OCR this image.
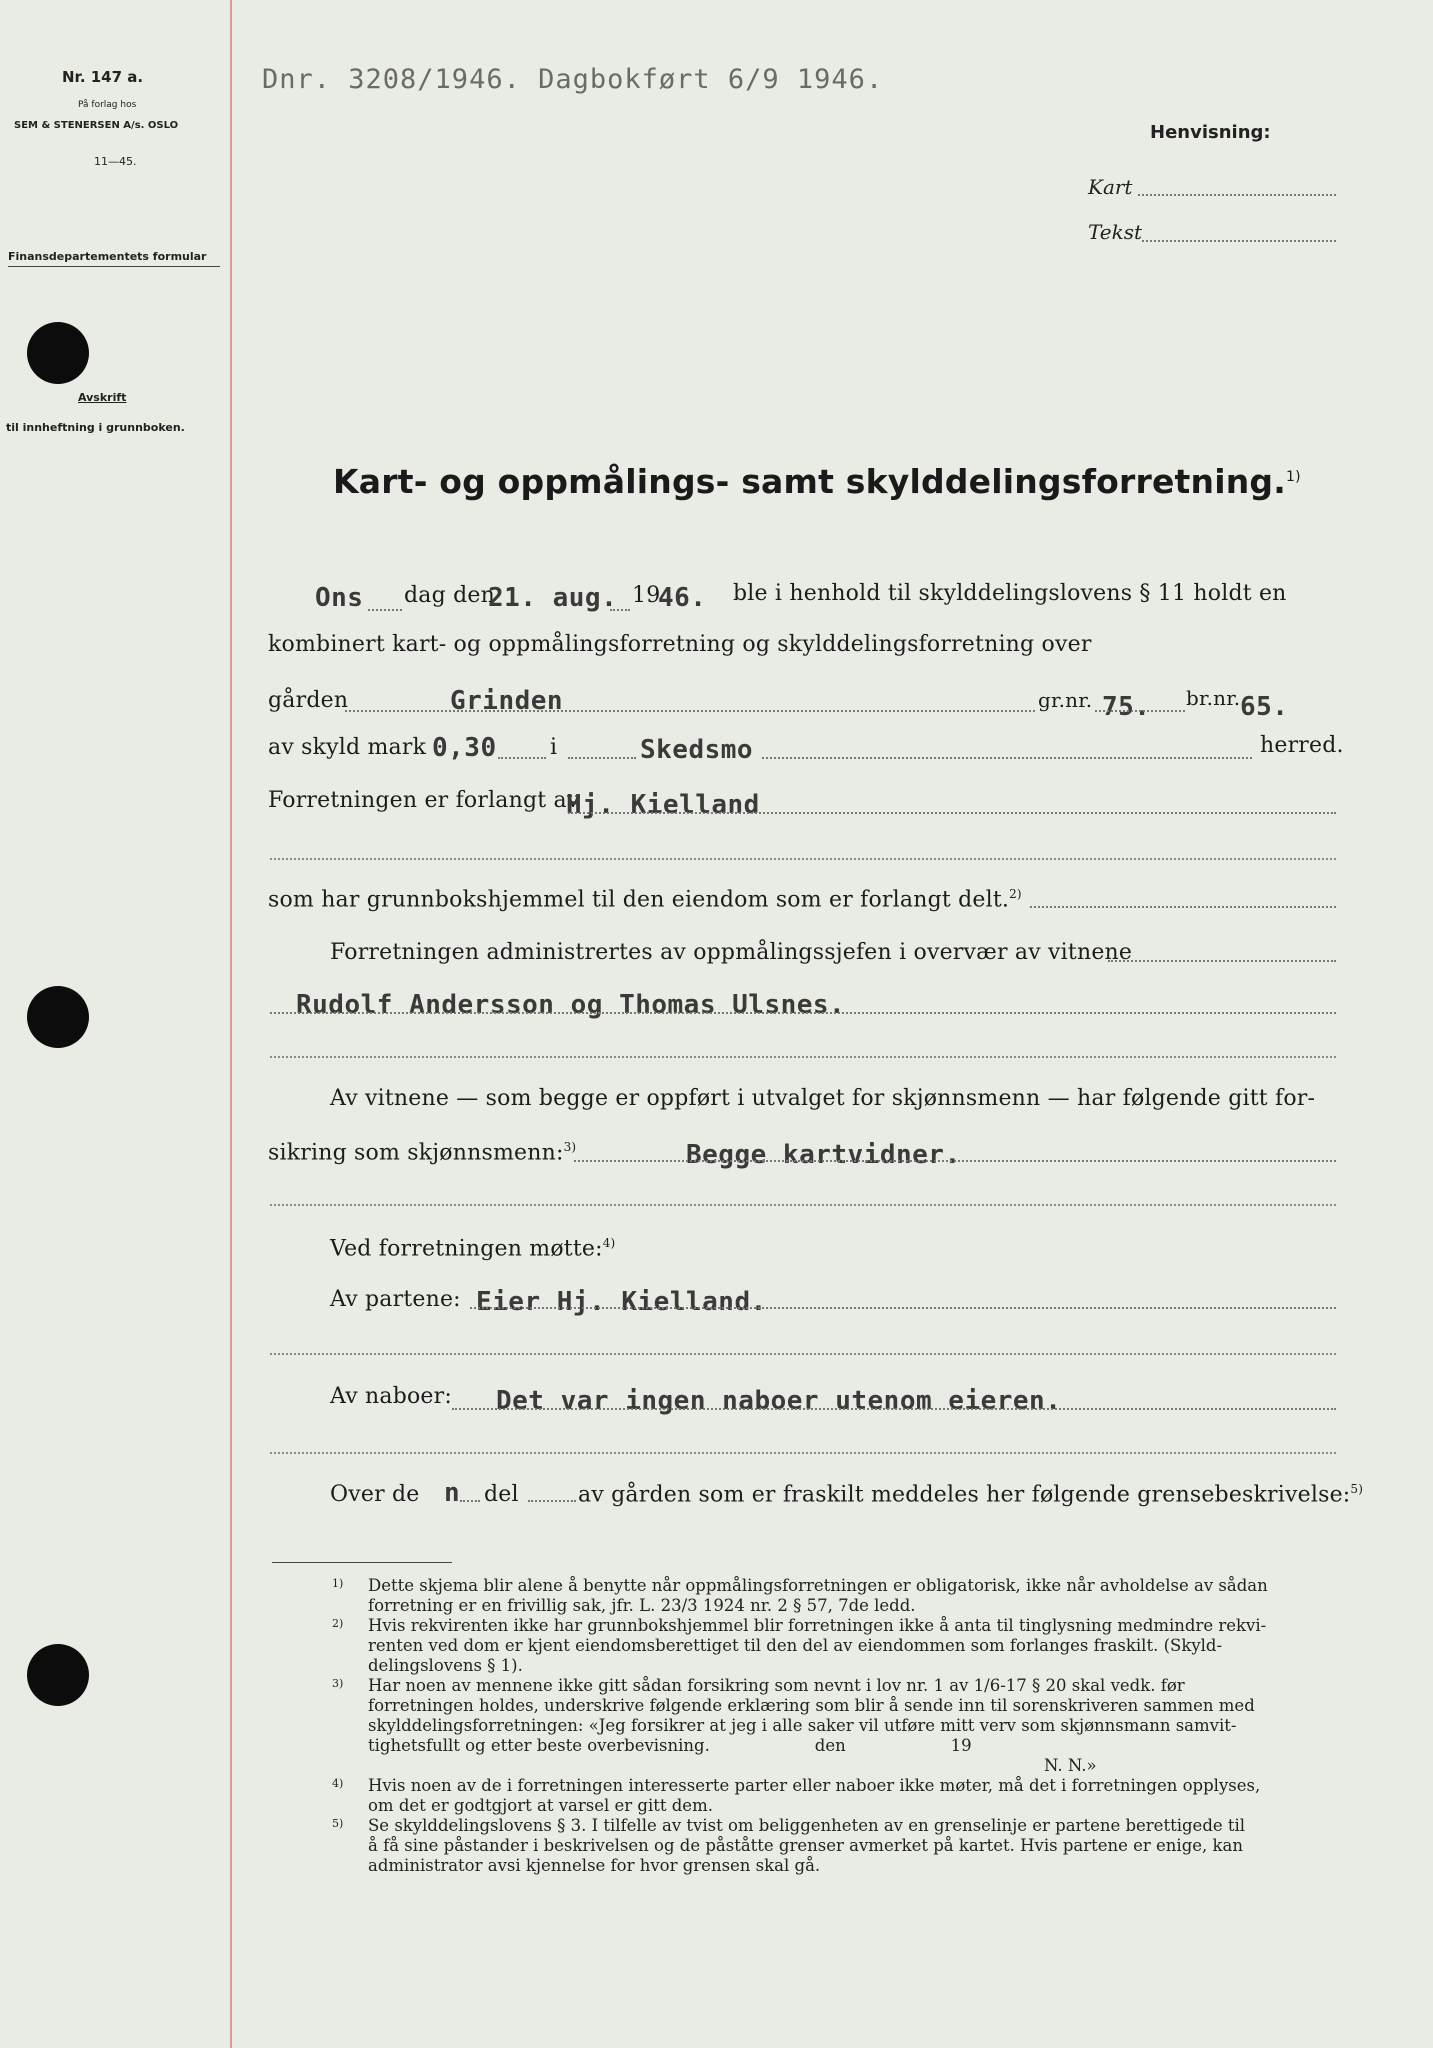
Nr. 147 a.
På forlag hos
SEM & STENERSEN A/s. OSLO
11—45.
Finansdepartementets formular
Avskrift
til innheftning i grunnboken.
Dnr. 3208/1946. Dagbokført 6/9 1946.
Henvisning:
Kart
Tekst
Kart- og oppmålings- samt skylddelingsforretning.$^{1)}$
Ons dag den
21. aug. 19
46. ble i henhold til skylddelingslovens § 11 holdt en
kombinert kart- og oppmålingsforretning og skylddelingsforretning over
gården	Grinden	gr.nr. 75. br.nr. 65.
av skyld mark 0,30 i	Skedsmo	herred.
Forretningen er forlangt av
Hj. Kielland
som har grunnbokshjemmel til den eiendom som er forlangt delt.$^{2)}$
Forretningen administrertes av oppmålingssjefen i overvær av vitnene
Rudolf Andersson og Thomas Ulsnes.
Av vitnene — som begge er oppført i utvalget for skjønnsmenn — har følgende gitt for-
sikring som skjønnsmenn:$^{3)}$	Begge kartvidner.
Ved forretningen møtte:$^{4)}$
Av partene: Eier Hj. Kielland.
Av naboer: Det var ingen naboer utenom eieren.
Over de n del	av gården som er fraskilt meddeles her følgende grensebeskrivelse:$^{5)}$
1) Dette skjema blir alene å benytte når oppmålingsforretningen er obligatorisk, ikke når avholdelse av sådan
forretning er en frivillig sak, jfr. L. 23/3 1924 nr. 2 § 57, 7de ledd.
2) Hvis rekvirenten ikke har grunnbokshjemmel blir forretningen ikke å anta til tinglysning medmindre rekvi-
renten ved dom er kjent eiendomsberettiget til den del av eiendommen som forlanges fraskilt. (Skyld-
delingslovens § 1).
3) Har noen av mennene ikke gitt sådan forsikring som nevnt i lov nr. 1 av 1/6-17 § 20 skal vedk. før
forretningen holdes, underskrive følgende erklæring som blir å sende inn til sorenskriveren sammen med
skylddelingsforretningen: «Jeg forsikrer at jeg i alle saker vil utføre mitt verv som skjønnsmann samvit-
tighetsfullt og etter beste overbevisning.                    den                    19
N. N.»
4) Hvis noen av de i forretningen interesserte parter eller naboer ikke møter, må det i forretningen opplyses,
om det er godtgjort at varsel er gitt dem.
5) Se skylddelingslovens § 3. I tilfelle av tvist om beliggenheten av en grenselinje er partene berettigede til
å få sine påstander i beskrivelsen og de påståtte grenser avmerket på kartet. Hvis partene er enige, kan
administrator avsi kjennelse for hvor grensen skal gå.
